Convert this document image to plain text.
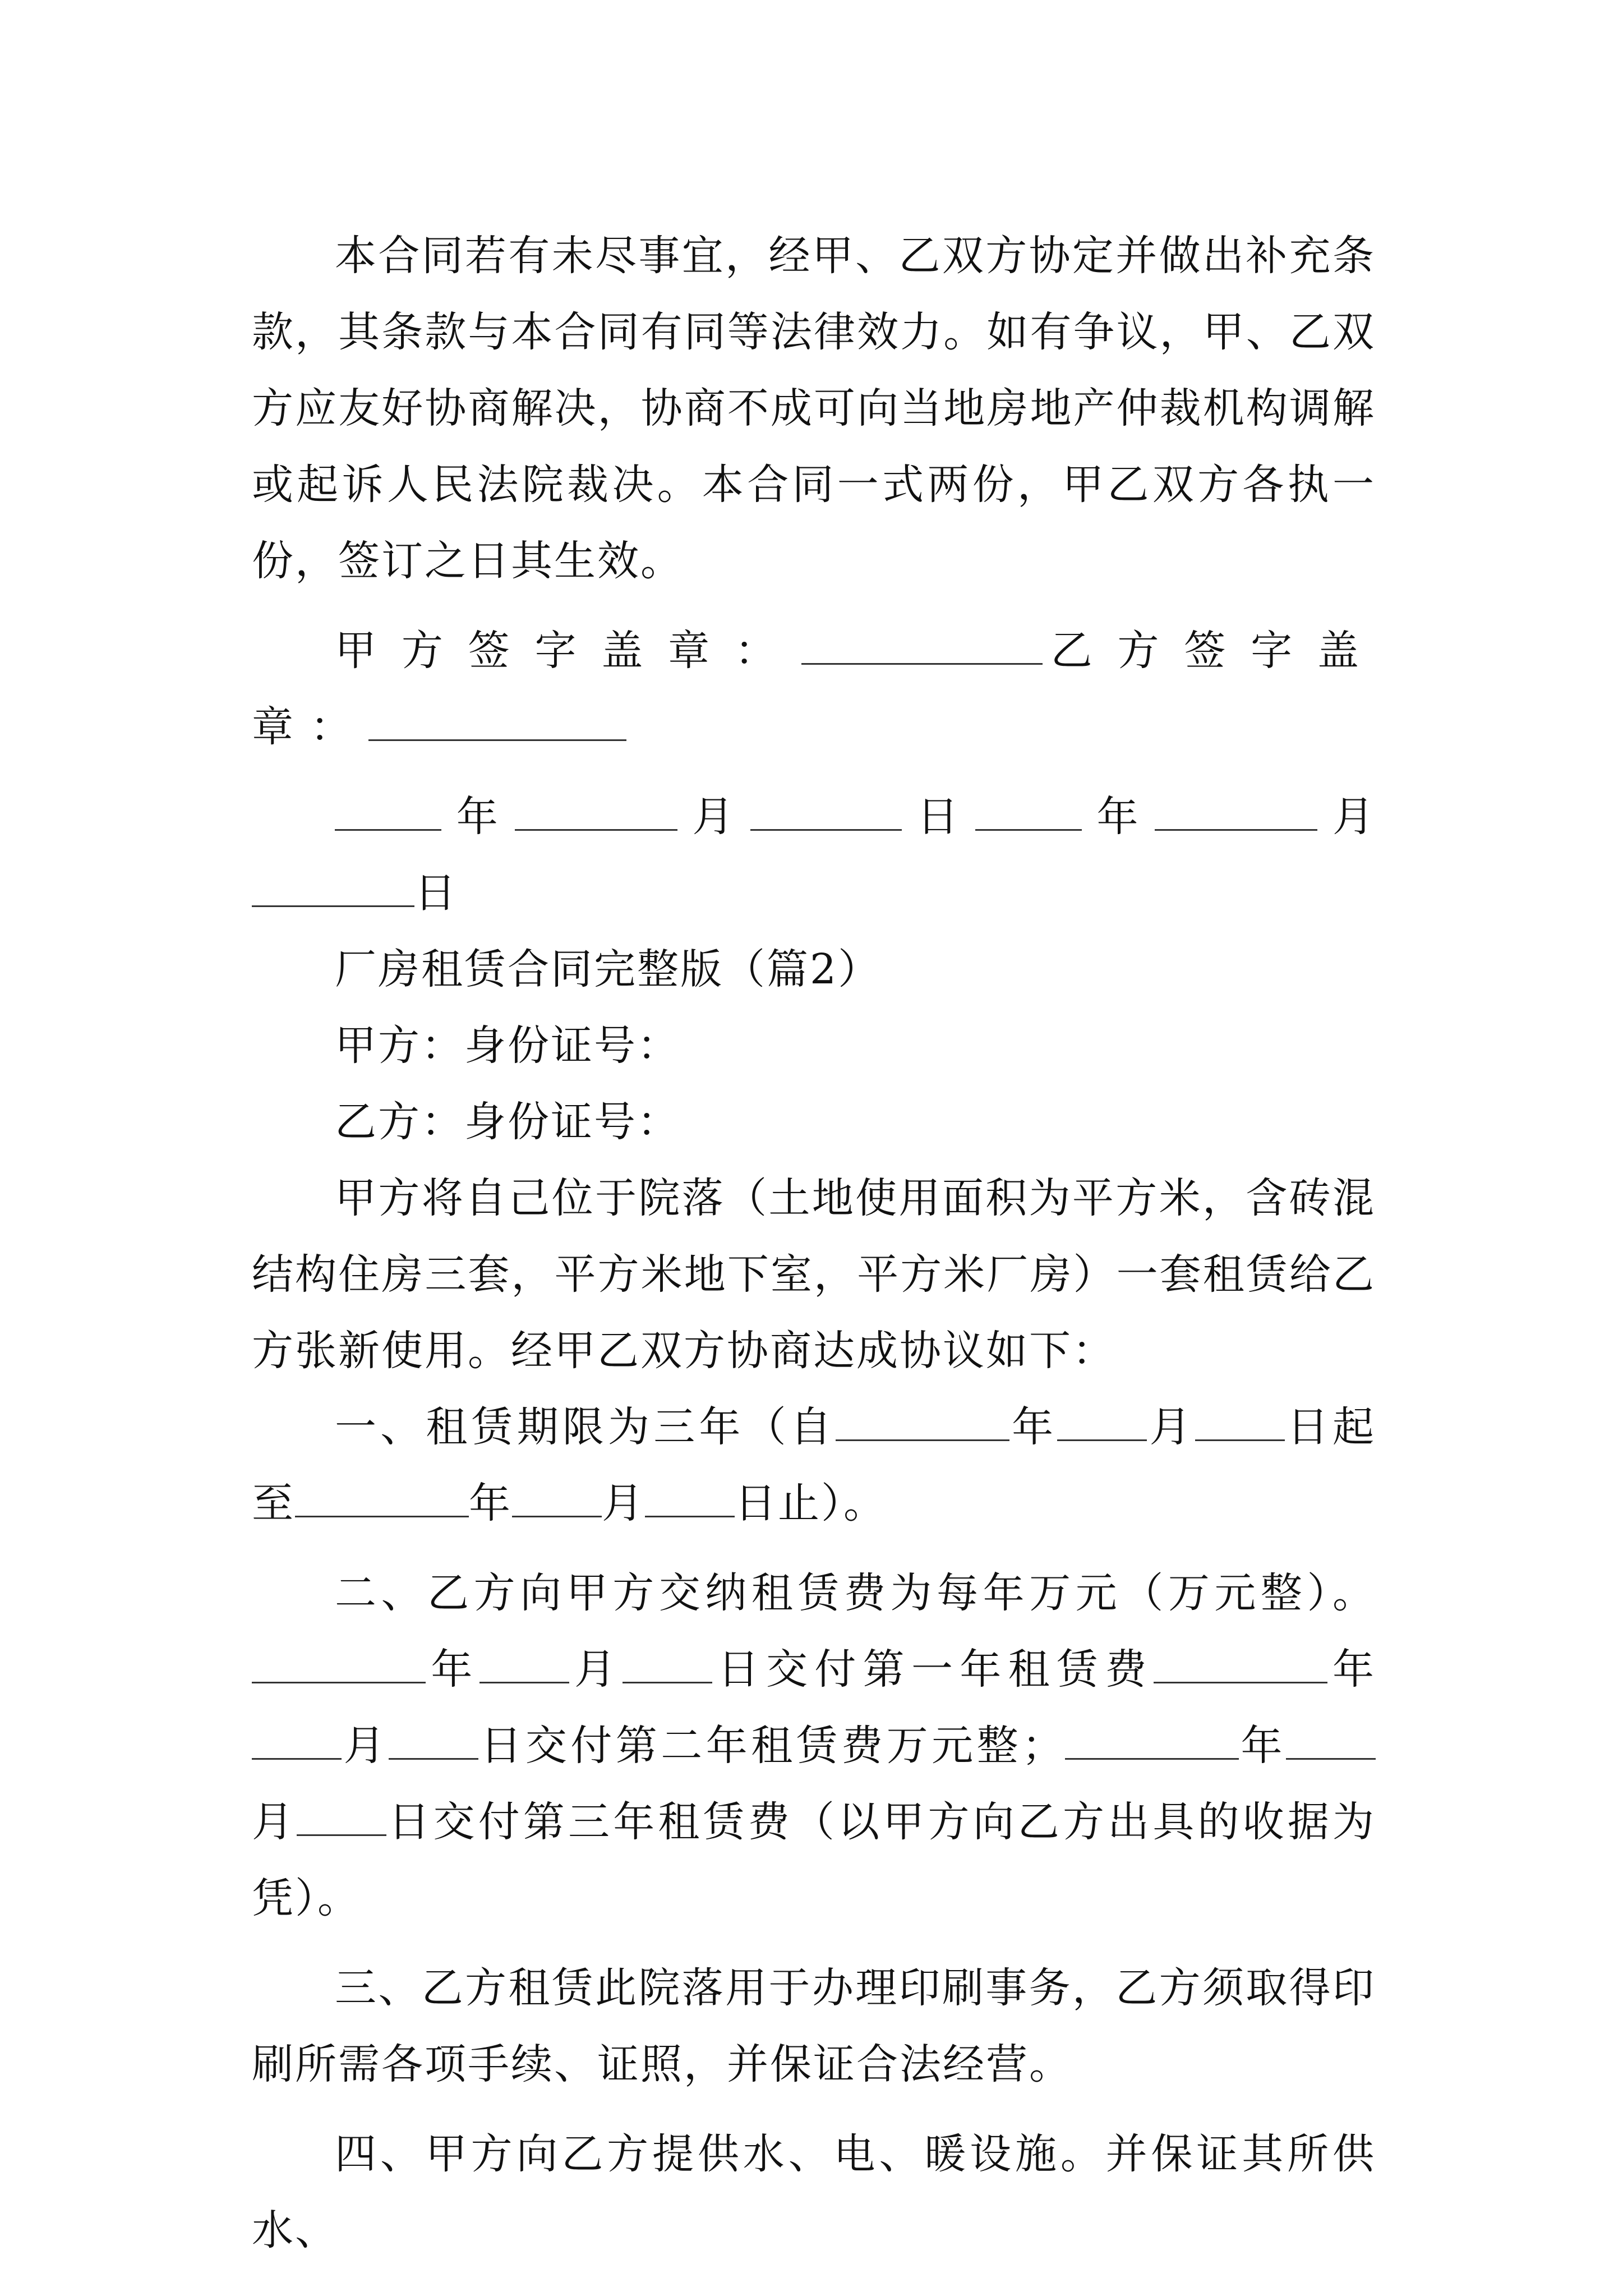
本合同若有未尽事宜，经甲、乙双方协定并做出补充条款，其条款与本合同有同等法律效力。如有争议，甲、乙双方应友好协商解决，协商不成可向当地房地产仲裁机构调解或起诉人民法院裁决。本合同一式两份，甲乙双方各执一份，签订之日其生效。

甲方签字盖章：	乙方签字盖章：

年	月	日	年	月日

厂房租赁合同完整版（篇2）

甲方：身份证号：

乙方：身份证号：

甲方将自己位于院落（土地使用面积为平方米，含砖混结构住房三套，平方米地下室，平方米厂房）一套租赁给乙方张新使用。经甲乙双方协商达成协议如下：

一、租赁期限为三年（自	年 月 日起至	年 月 日止）。

二、乙方向甲方交纳租赁费为每年万元（万元整）。年 月 日交付第一年租赁费	年月 日交付第二年租赁费万元整；	年月 日交付第三年租赁费（以甲方向乙方出具的收据为凭）。

三、乙方租赁此院落用于办理印刷事务，乙方须取得印刷所需各项手续、证照，并保证合法经营。

四、甲方向乙方提供水、电、暖设施。并保证其所供水、
